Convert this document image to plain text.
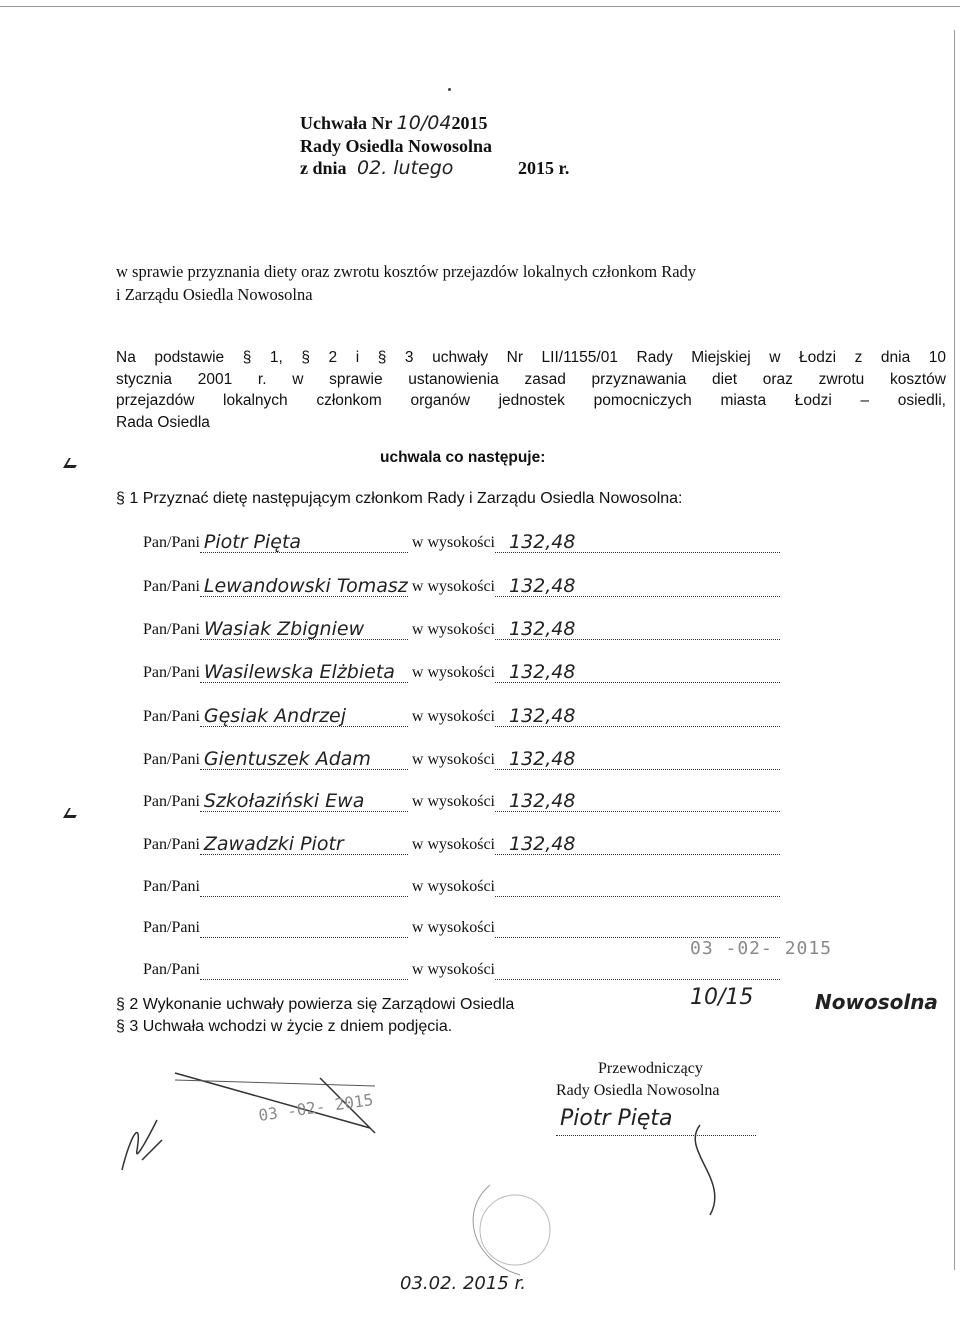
Uchwała Nr 10/042015
Rady Osiedla Nowosolna
z dnia 02. lutego	2015 r.
w sprawie przyznania diety oraz zwrotu kosztów przejazdów lokalnych członkom Rady
i Zarządu Osiedla Nowosolna
Na podstawie § 1, § 2 i § 3 uchwały Nr LII/1155/01 Rady Miejskiej w Łodzi z dnia 10
stycznia 2001 r. w sprawie ustanowienia zasad przyznawania diet oraz zwrotu kosztów
przejazdów lokalnych członkom organów jednostek pomocniczych miasta Łodzi – osiedli,
Rada Osiedla
uchwala co następuje:
§ 1 Przyznać dietę następującym członkom Rady i Zarządu Osiedla Nowosolna:
Pan/Pani Piotr Pięta	w wysokości 132,48
Pan/Pani Lewandowski Tomasz w wysokości 132,48
Pan/Pani Wasiak Zbigniew	w wysokości 132,48
Pan/Pani Wasilewska Elżbieta w wysokości 132,48
Pan/Pani Gęsiak Andrzej	w wysokości 132,48
Pan/Pani Gientuszek Adam	w wysokości 132,48
Pan/Pani Szkołaziński Ewa	w wysokości 132,48
Pan/Pani Zawadzki Piotr	w wysokości 132,48
Pan/Pani	w wysokości
Pan/Pani	w wysokości
Pan/Pani	w wysokości
§ 2 Wykonanie uchwały powierza się Zarządowi Osiedla
§ 3 Uchwała wchodzi w życie z dniem podjęcia.
03 -02- 2015
10/15	Nowosolna
Przewodniczący
Rady Osiedla Nowosolna
Piotr Pięta
03 -02- 2015
03.02. 2015 r.
